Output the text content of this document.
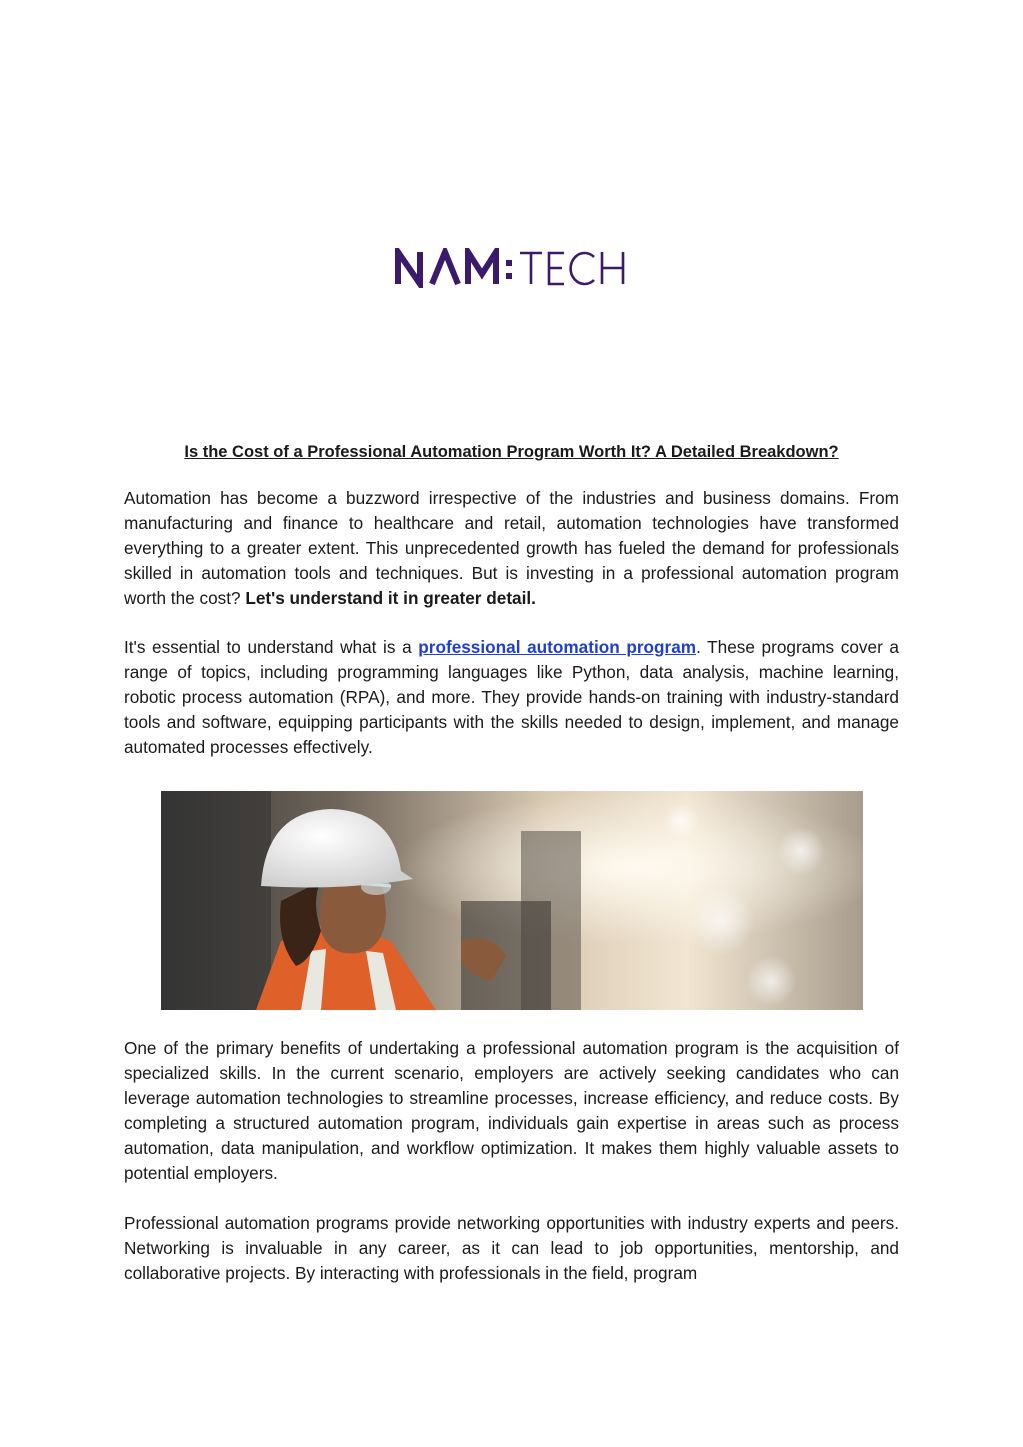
Is the Cost of a Professional Automation Program Worth It? A Detailed Breakdown?

Automation has become a buzzword irrespective of the industries and business domains. From manufacturing and finance to healthcare and retail, automation technologies have transformed everything to a greater extent. This unprecedented growth has fueled the demand for professionals skilled in automation tools and techniques. But is investing in a professional automation program worth the cost? Let's understand it in greater detail.

It's essential to understand what is a professional automation program. These programs cover a range of topics, including programming languages like Python, data analysis, machine learning, robotic process automation (RPA), and more. They provide hands-on training with industry-standard tools and software, equipping participants with the skills needed to design, implement, and manage automated processes effectively.

One of the primary benefits of undertaking a professional automation program is the acquisition of specialized skills. In the current scenario, employers are actively seeking candidates who can leverage automation technologies to streamline processes, increase efficiency, and reduce costs. By completing a structured automation program, individuals gain expertise in areas such as process automation, data manipulation, and workflow optimization. It makes them highly valuable assets to potential employers.

Professional automation programs provide networking opportunities with industry experts and peers. Networking is invaluable in any career, as it can lead to job opportunities, mentorship, and collaborative projects. By interacting with professionals in the field, program
